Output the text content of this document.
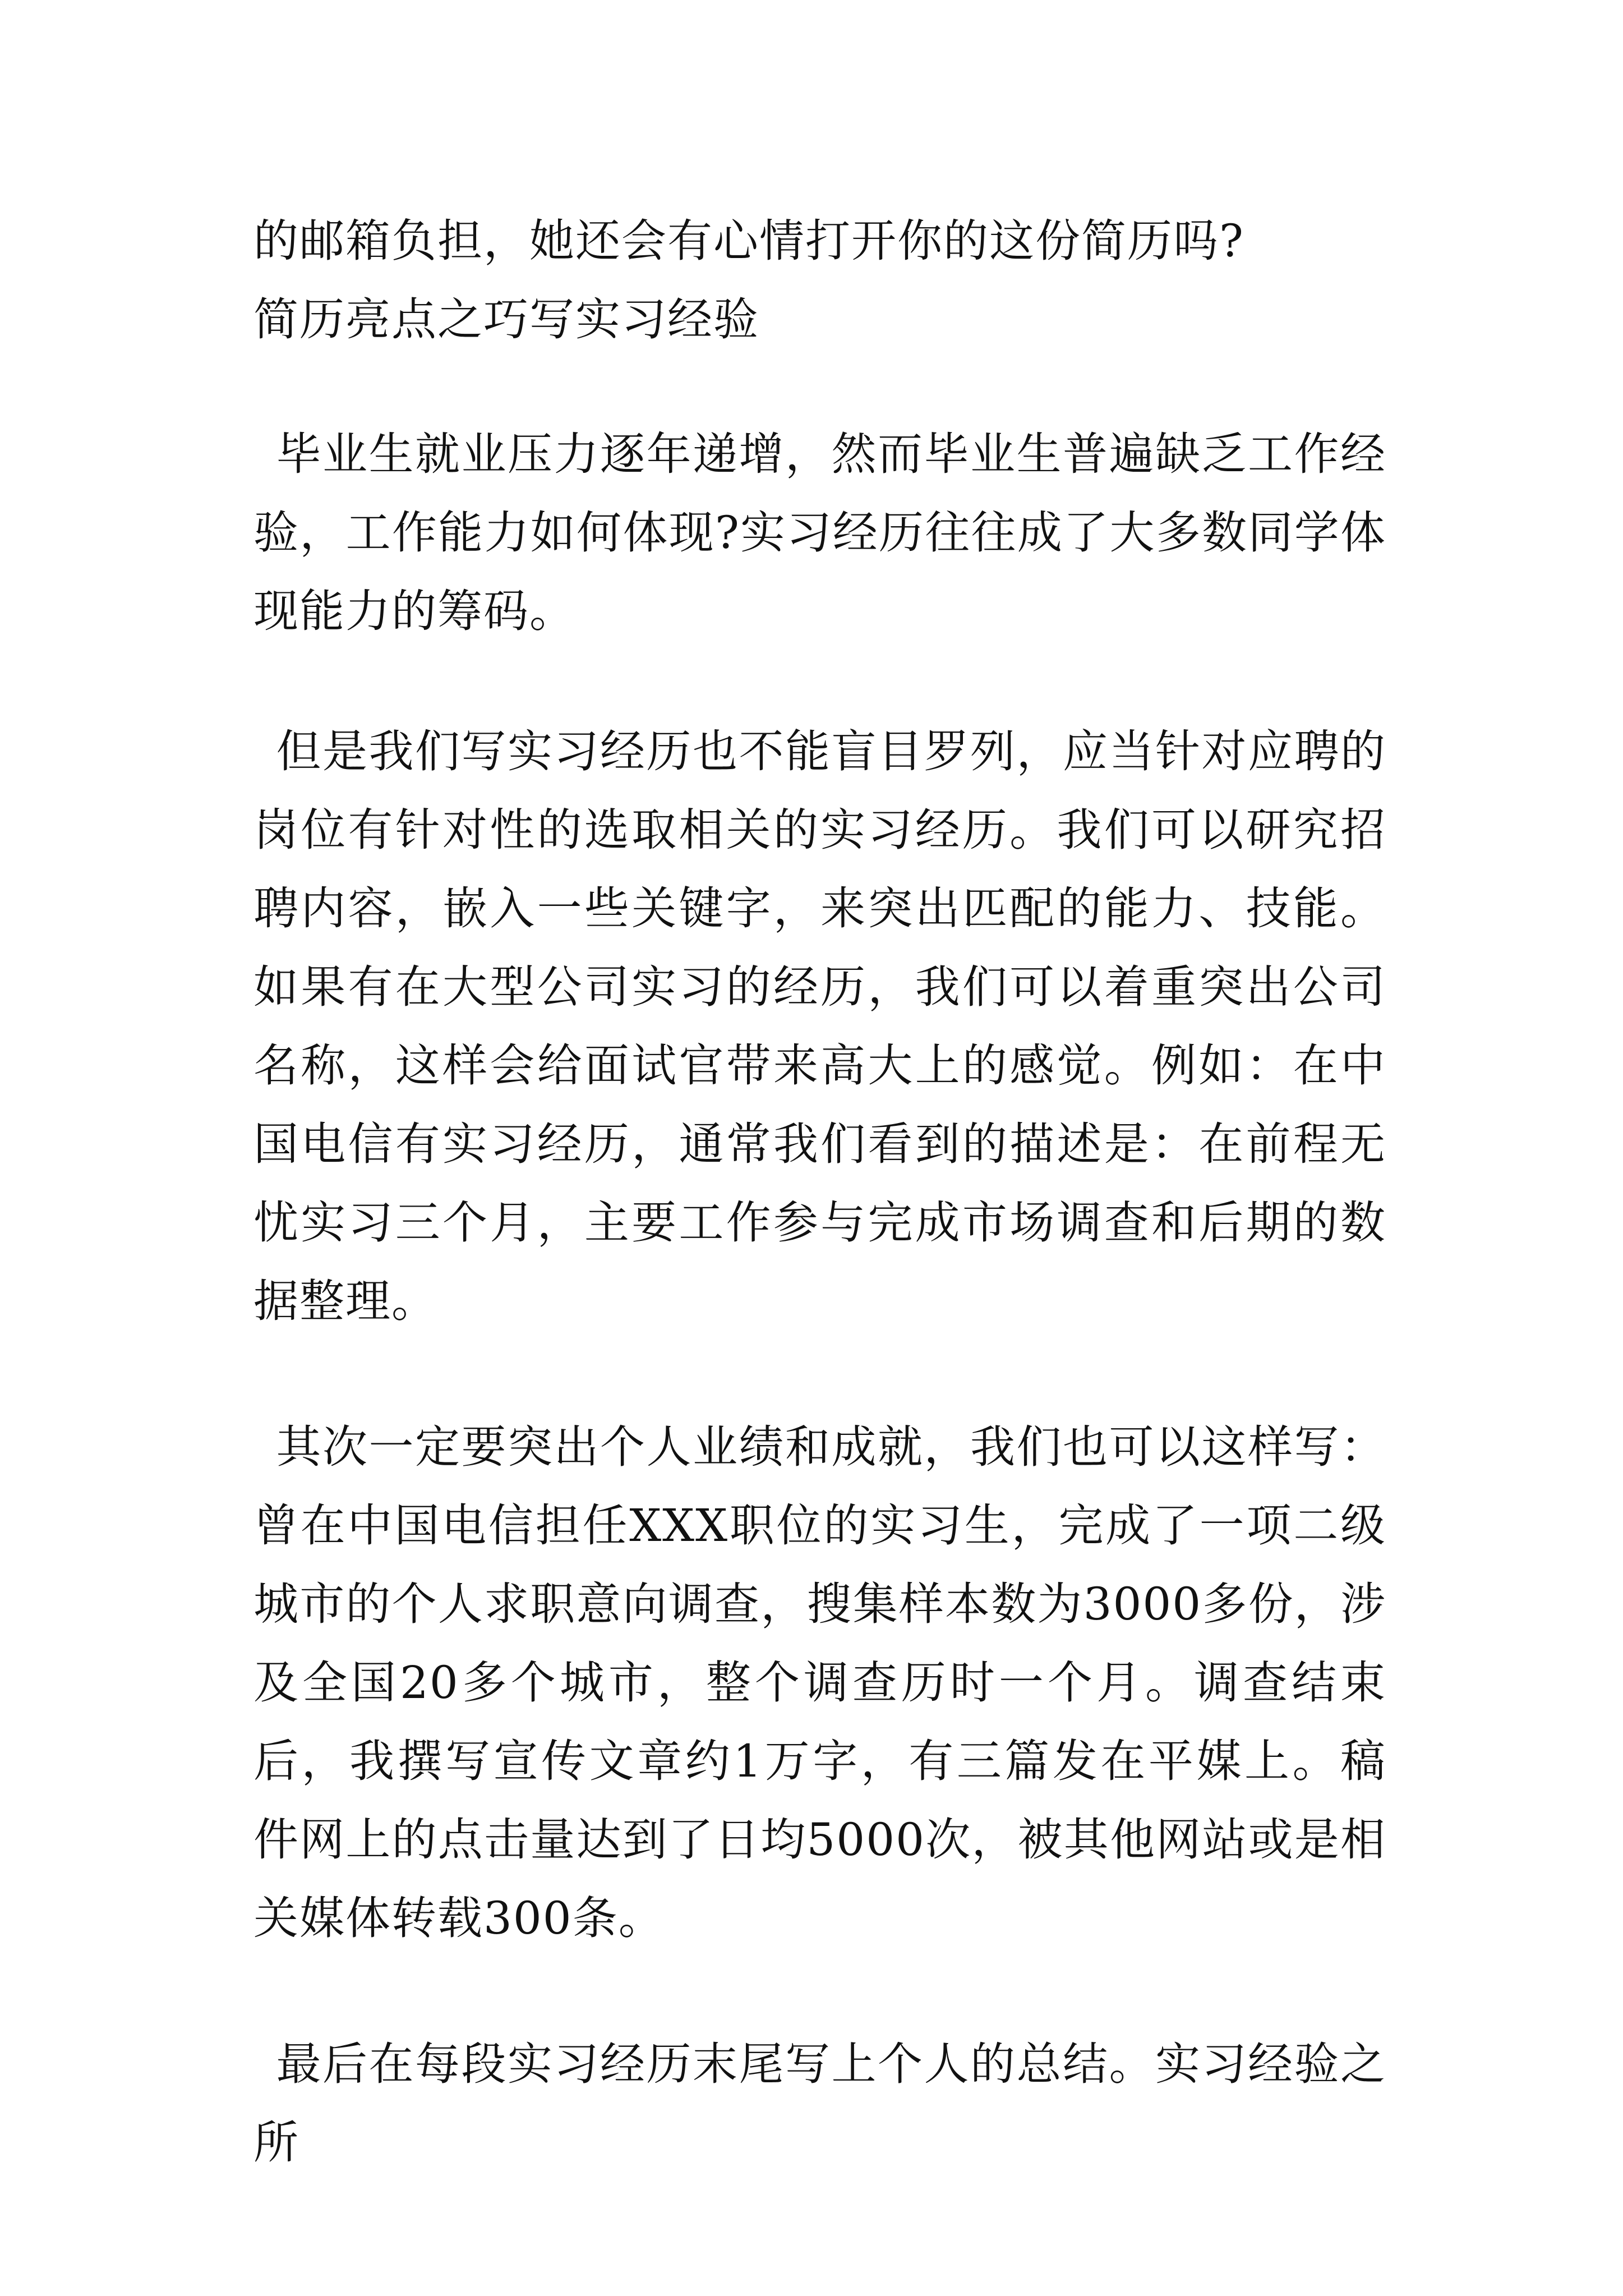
的邮箱负担，她还会有心情打开你的这份简历吗?

简历亮点之巧写实习经验

毕业生就业压力逐年递增，然而毕业生普遍缺乏工作经验，工作能力如何体现?实习经历往往成了大多数同学体现能力的筹码。

但是我们写实习经历也不能盲目罗列，应当针对应聘的岗位有针对性的选取相关的实习经历。我们可以研究招聘内容，嵌入一些关键字，来突出匹配的能力、技能。如果有在大型公司实习的经历，我们可以着重突出公司名称，这样会给面试官带来高大上的感觉。例如：在中国电信有实习经历，通常我们看到的描述是：在前程无忧实习三个月，主要工作参与完成市场调查和后期的数据整理。

其次一定要突出个人业绩和成就，我们也可以这样写：曾在中国电信担任XXX职位的实习生，完成了一项二级城市的个人求职意向调查，搜集样本数为3000多份，涉及全国20多个城市，整个调查历时一个月。调查结束后，我撰写宣传文章约1万字，有三篇发在平媒上。稿件网上的点击量达到了日均5000次，被其他网站或是相关媒体转载300条。

最后在每段实习经历末尾写上个人的总结。实习经验之所
